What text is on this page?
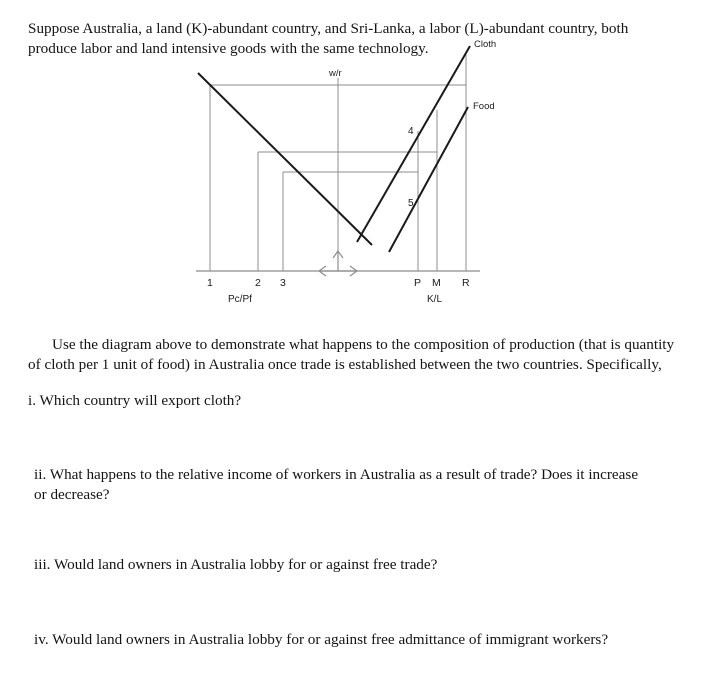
Suppose Australia, a land (K)-abundant country, and Sri-Lanka, a labor (L)-abundant country, both produce labor and land intensive goods with the same technology.	Cloth
Food
w/r
4
5
1	2 3	P M R
Pc/Pf	K/L

Use the diagram above to demonstrate what happens to the composition of production (that is quantity of cloth per 1 unit of food) in Australia once trade is established between the two countries. Specifically,

i. Which country will export cloth?

ii. What happens to the relative income of workers in Australia as a result of trade? Does it increase or decrease?

iii. Would land owners in Australia lobby for or against free trade?

iv. Would land owners in Australia lobby for or against free admittance of immigrant workers?
